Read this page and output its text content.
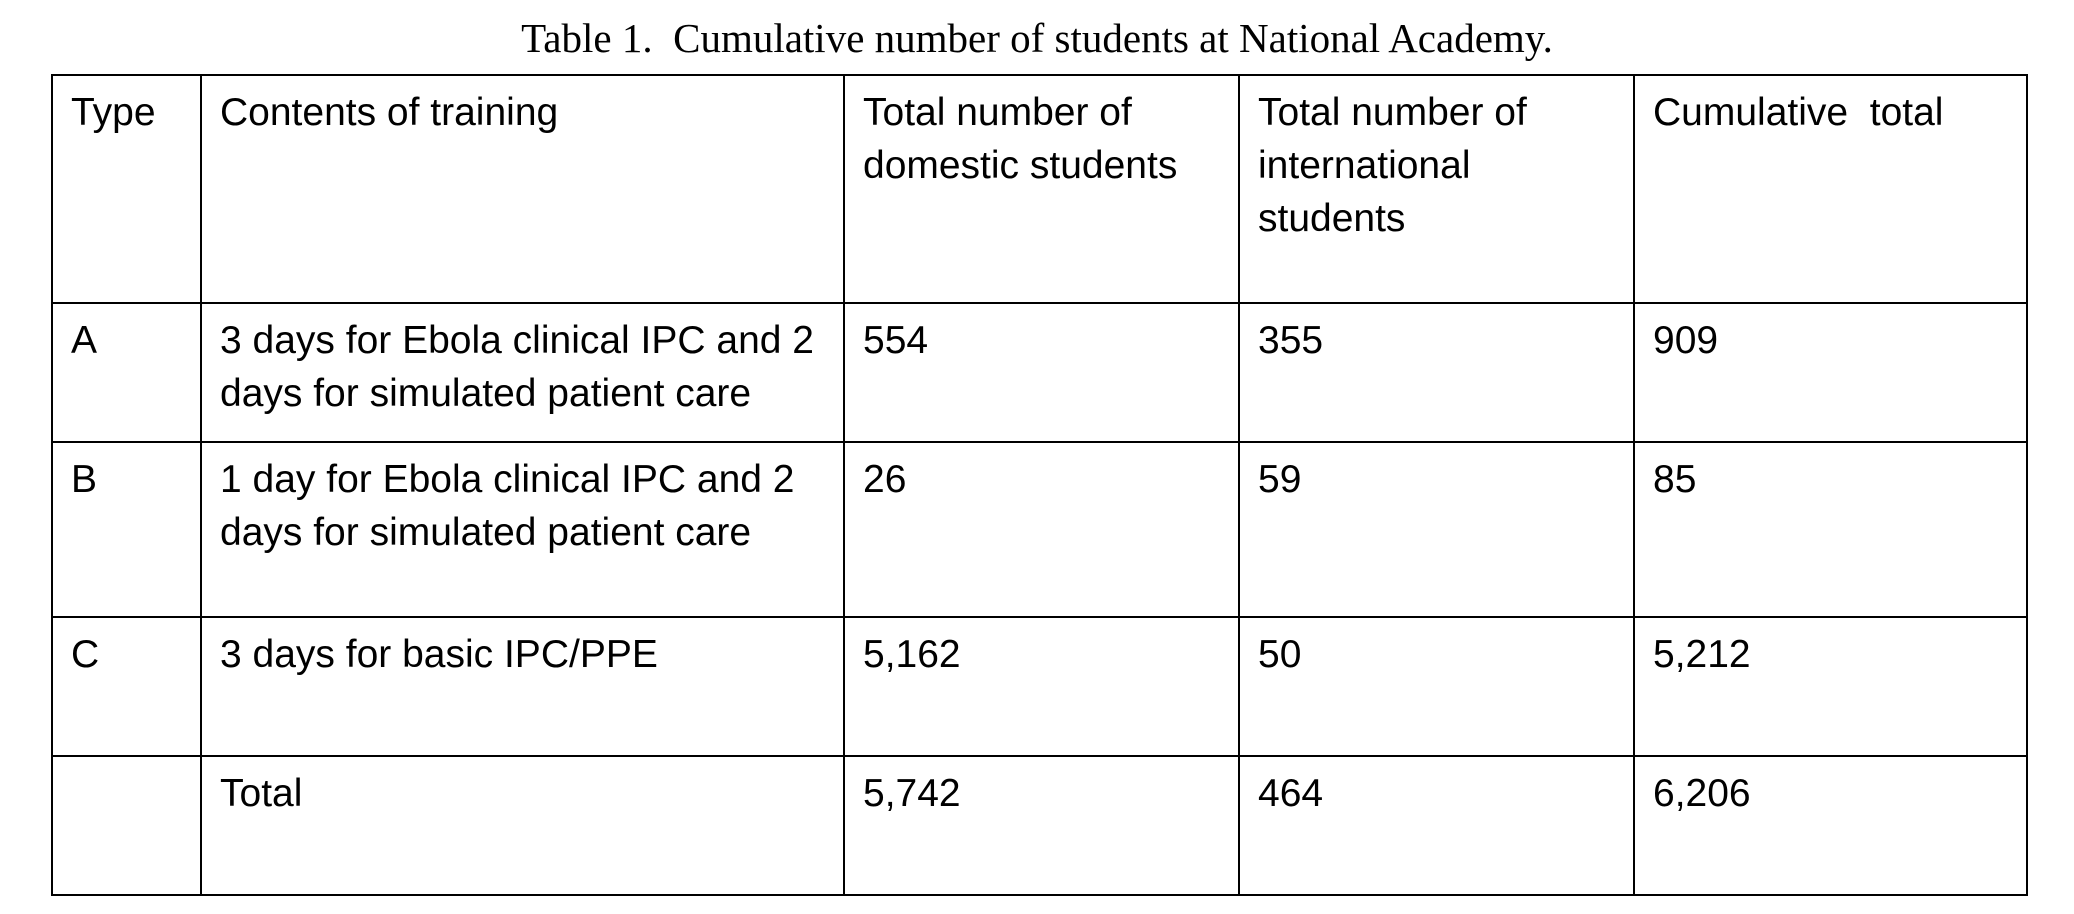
Table 1.  Cumulative number of students at National Academy.
Type	Contents of training	Total number of domestic students	Total number of international students	Cumulative  total
A	3 days for Ebola clinical IPC and 2 days for simulated patient care	554	355	909
B	1 day for Ebola clinical IPC and 2 days for simulated patient care	26	59	85
C	3 days for basic IPC/PPE	5,162	50	5,212
	Total	5,742	464	6,206
